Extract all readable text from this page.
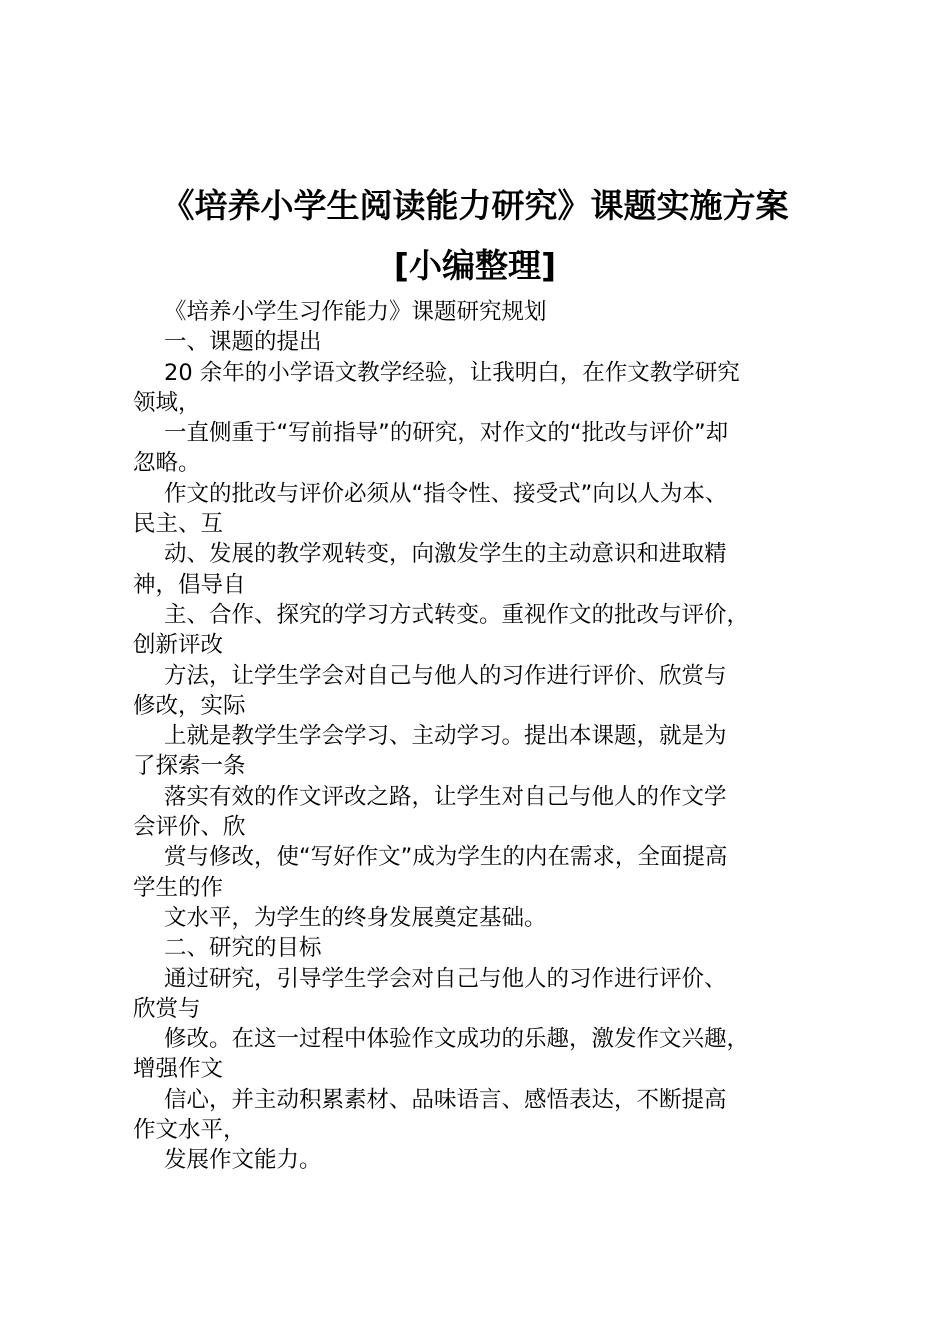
《培养小学生阅读能力研究》课题实施方案
[小编整理]
《培养小学生习作能力》课题研究规划
一、课题的提出
20 余年的小学语文教学经验，让我明白，在作文教学研究
领域，
一直侧重于“写前指导”的研究，对作文的“批改与评价”却
忽略。
作文的批改与评价必须从“指令性、接受式”向以人为本、
民主、互
动、发展的教学观转变，向激发学生的主动意识和进取精
神，倡导自
主、合作、探究的学习方式转变。重视作文的批改与评价，
创新评改
方法，让学生学会对自己与他人的习作进行评价、欣赏与
修改，实际
上就是教学生学会学习、主动学习。提出本课题，就是为
了探索一条
落实有效的作文评改之路，让学生对自己与他人的作文学
会评价、欣
赏与修改，使“写好作文”成为学生的内在需求，全面提高
学生的作
文水平，为学生的终身发展奠定基础。
二、研究的目标
通过研究，引导学生学会对自己与他人的习作进行评价、
欣赏与
修改。在这一过程中体验作文成功的乐趣，激发作文兴趣，
增强作文
信心，并主动积累素材、品味语言、感悟表达，不断提高
作文水平，
发展作文能力。
